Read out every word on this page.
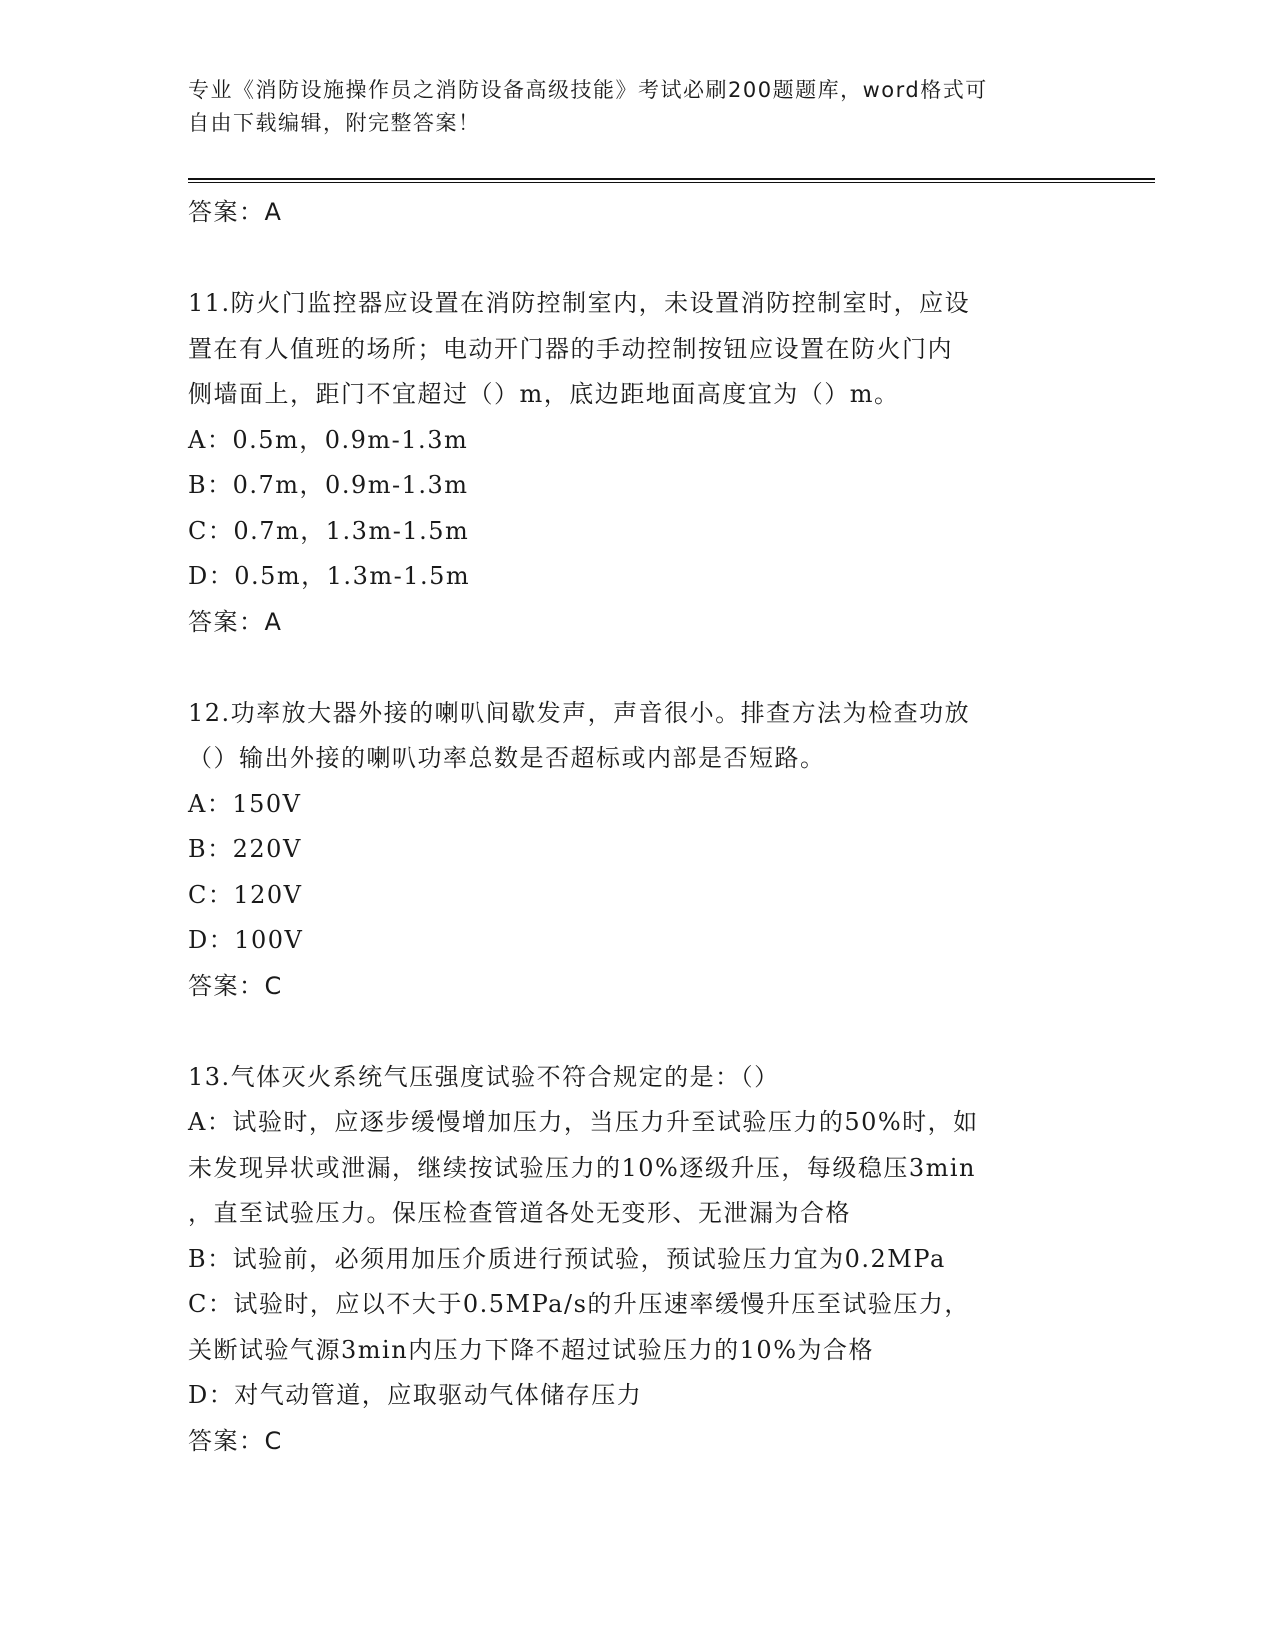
专业《消防设施操作员之消防设备高级技能》考试必刷200题题库，word格式可
自由下载编辑，附完整答案！
答案：A
11.防火门监控器应设置在消防控制室内，未设置消防控制室时，应设
置在有人值班的场所；电动开门器的手动控制按钮应设置在防火门内
侧墙面上，距门不宜超过（）m，底边距地面高度宜为（）m。
A：0.5m，0.9m-1.3m
B：0.7m，0.9m-1.3m
C：0.7m，1.3m-1.5m
D：0.5m，1.3m-1.5m
答案：A
12.功率放大器外接的喇叭间歇发声，声音很小。排查方法为检查功放
（）输出外接的喇叭功率总数是否超标或内部是否短路。
A：150V
B：220V
C：120V
D：100V
答案：C
13.气体灭火系统气压强度试验不符合规定的是：（）
A：试验时，应逐步缓慢增加压力，当压力升至试验压力的50%时，如
未发现异状或泄漏，继续按试验压力的10%逐级升压，每级稳压3min
，直至试验压力。保压检查管道各处无变形、无泄漏为合格
B：试验前，必须用加压介质进行预试验，预试验压力宜为0.2MPa
C：试验时，应以不大于0.5MPa/s的升压速率缓慢升压至试验压力，
关断试验气源3min内压力下降不超过试验压力的10%为合格
D：对气动管道，应取驱动气体储存压力
答案：C
